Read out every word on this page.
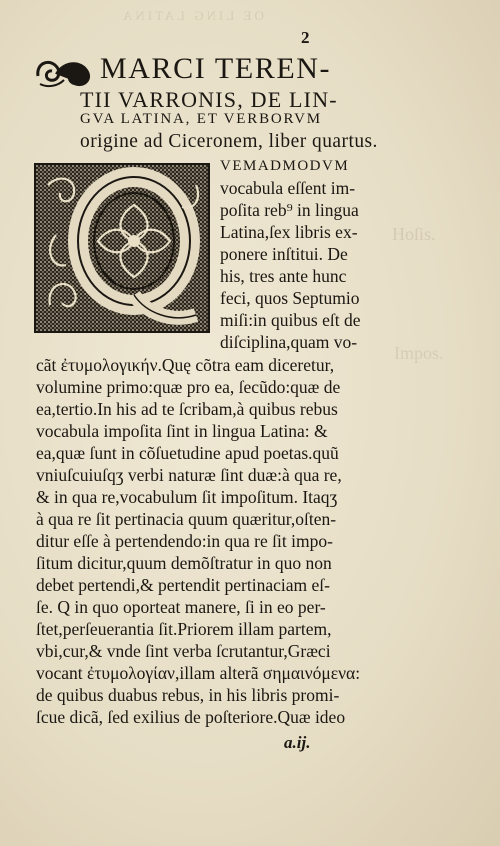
OE LING LATINA
Hoſis.
Impos.
2
MARCI TEREN-
TII VARRONIS, DE LIN-
GVA LATINA, ET VERBORVM
origine ad Ciceronem, liber quartus.
VEMADMODVM
vocabula eſſent im-
poſita reb⁹ in lingua
Latina,ſex libris ex-
ponere inſtitui. De
his, tres ante hunc
feci, quos Septumio
miſi:in quibus eſt de
diſciplina,quam vo-
cãt ἐτυμολογικήν.Quę cõtra eam diceretur,
volumine primo:quæ pro ea, ſecũdo:quæ de
ea,tertio.In his ad te ſcribam,à quibus rebus
vocabula impoſita ſint in lingua Latina: &
ea,quæ ſunt in cõſuetudine apud poetas.quũ
vniuſcuiuſqʒ verbi naturæ ſint duæ:à qua re,
& in qua re,vocabulum ſit impoſitum. Itaqʒ
à qua re ſit pertinacia quum quæritur,oſten-
ditur eſſe à pertendendo:in qua re ſit impo-
ſitum dicitur,quum demõſtratur in quo non
debet pertendi,& pertendit pertinaciam eſ-
ſe. Q in quo oporteat manere, ſi in eo per-
ſtet,perſeuerantia ſit.Priorem illam partem,
vbi,cur,& vnde ſint verba ſcrutantur,Græci
vocant ἐτυμολογίαν,illam alterã σημαινόμενα:
de quibus duabus rebus, in his libris promi-
ſcue dicã, ſed exilius de poſteriore.Quæ ideo
a.ij.
